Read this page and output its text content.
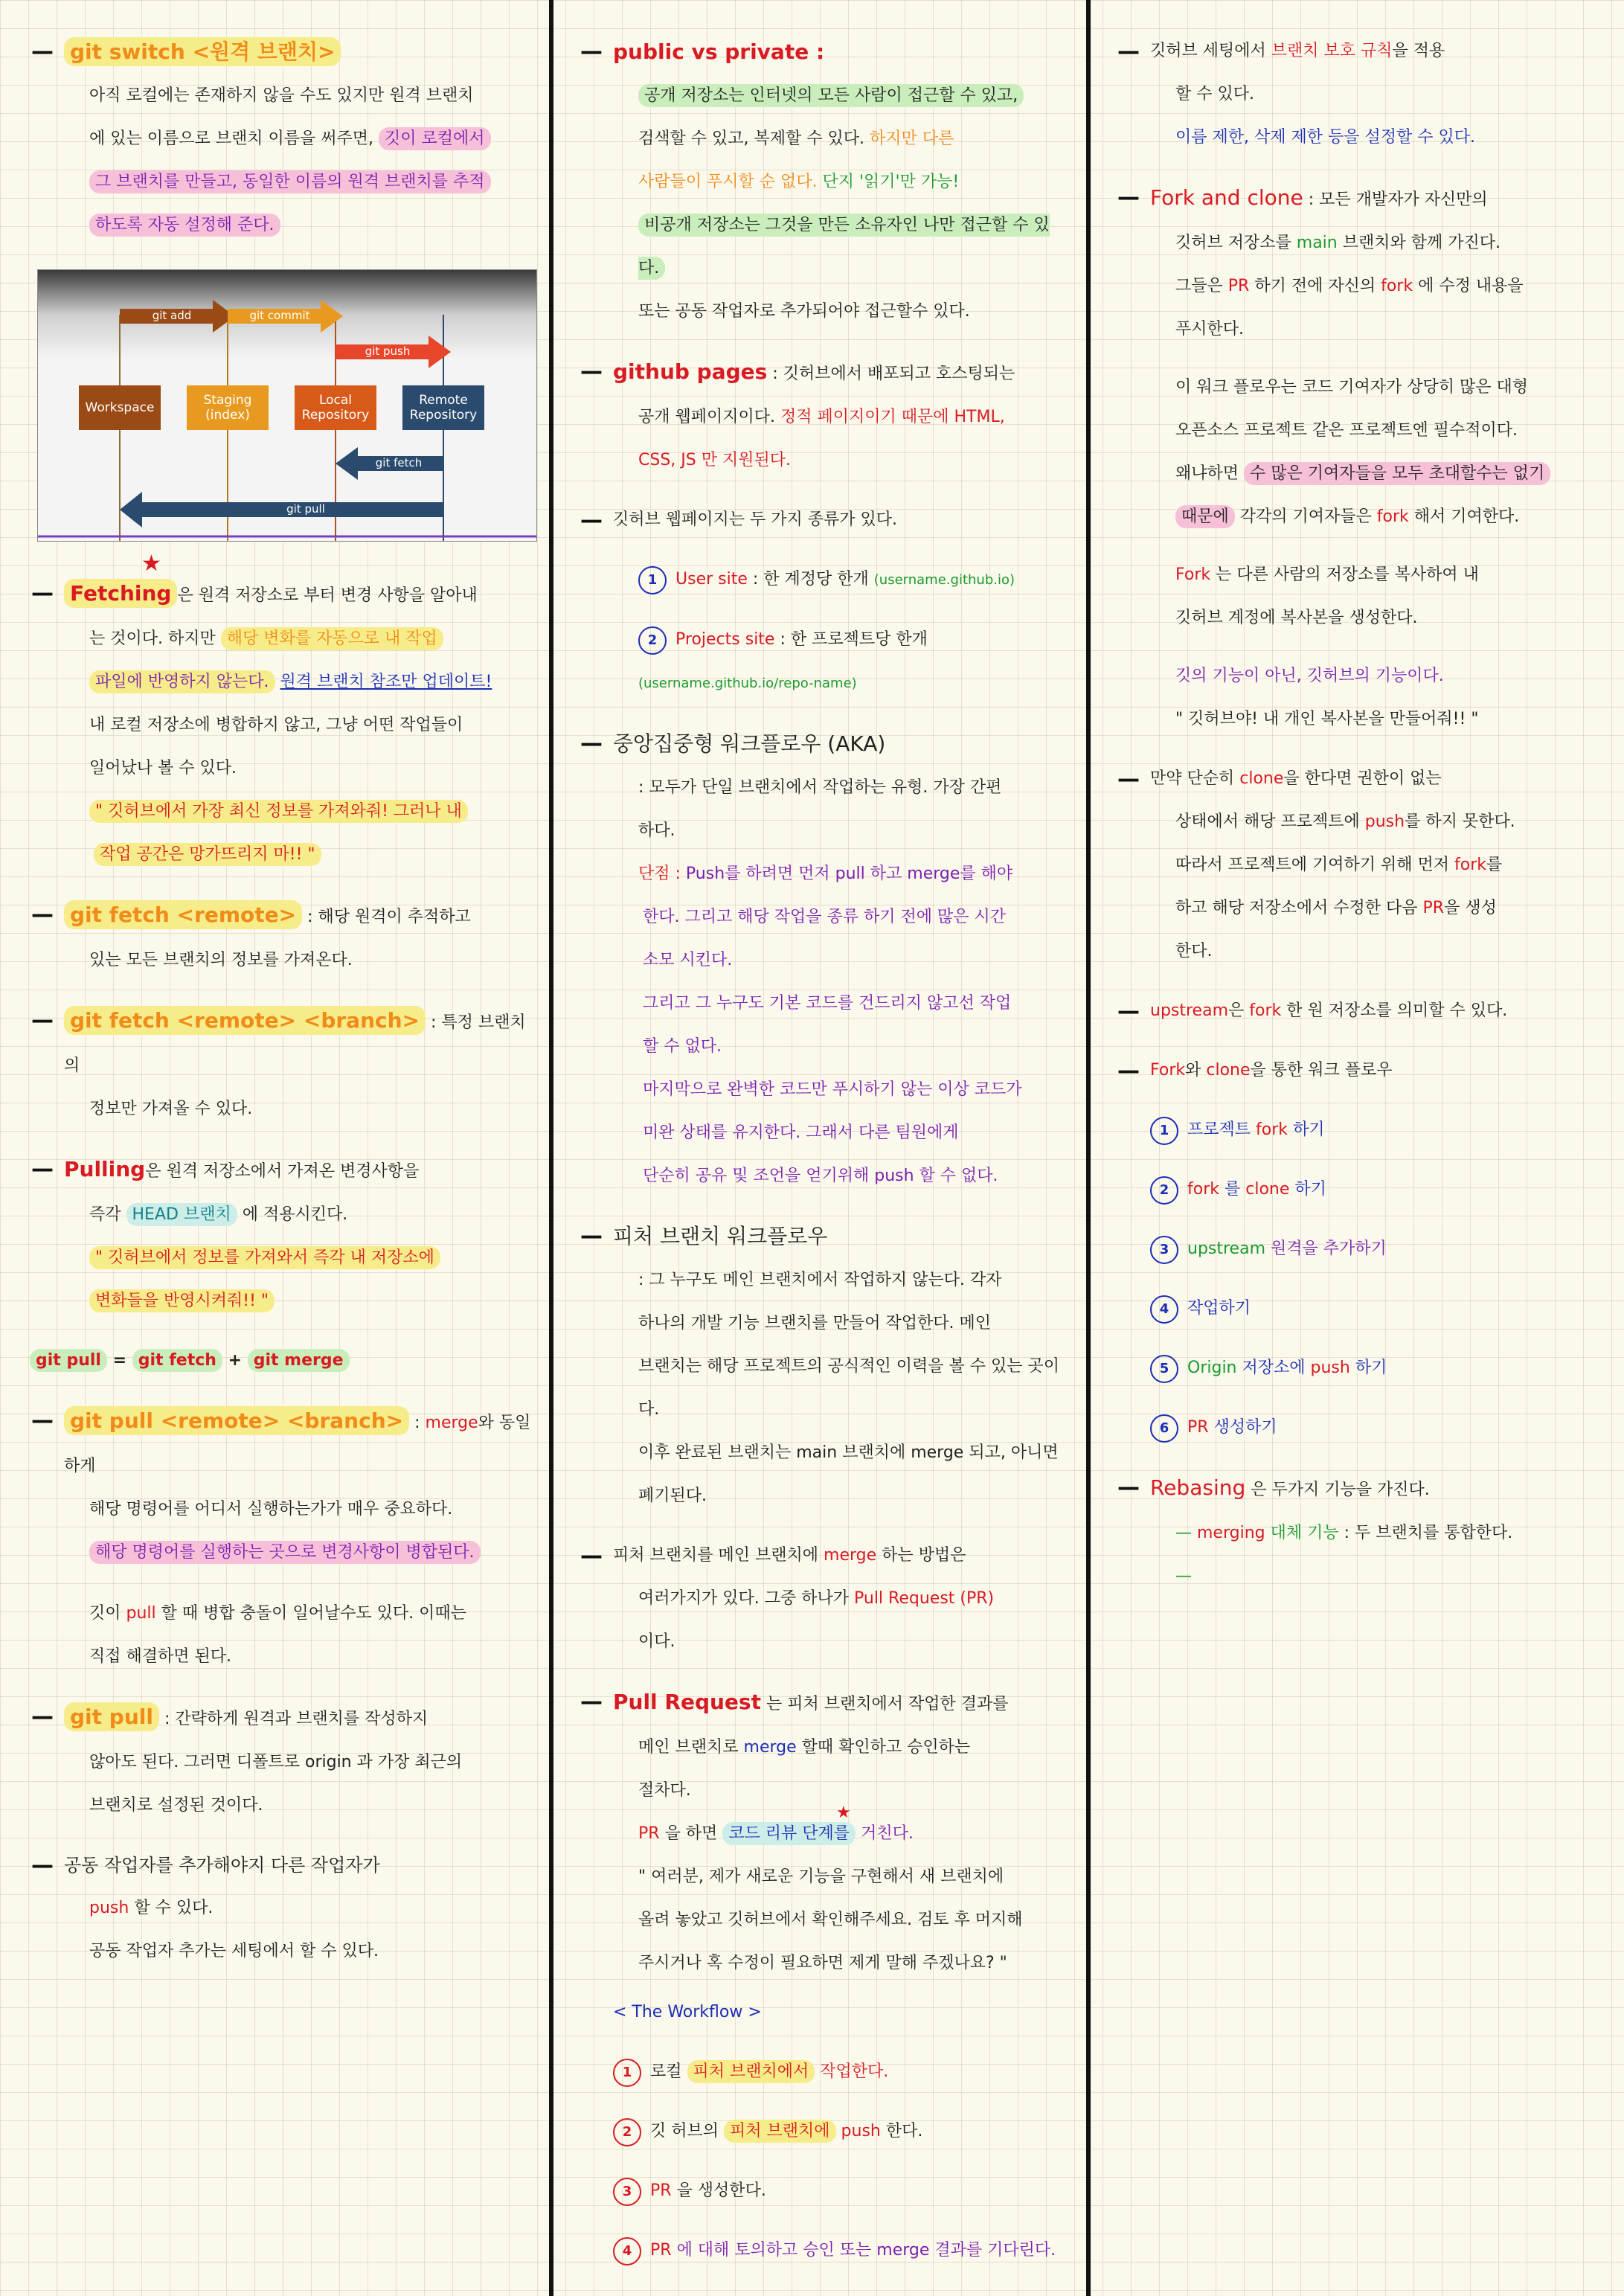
— git switch <원격 브랜치>

아직 로컬에는 존재하지 않을 수도 있지만 원격 브랜치

에 있는 이름으로 브랜치 이름을 써주면, 깃이 로컬에서

그 브랜치를 만들고, 동일한 이름의 원격 브랜치를 추적

하도록 자동 설정해 준다.

Workspace	Staging (index)
Local Repository
Remote Repository
git add	git commit
git push
git fetch
git pull
—
★

Fetching 은 원격 저장소로 부터 변경 사항을 알아내

는 것이다. 하지만 해당 변화를 자동으로 내 작업

파일에 반영하지 않는다. 원격 브랜치 참조만 업데이트!

내 로컬 저장소에 병합하지 않고, 그냥 어떤 작업들이

일어났나 볼 수 있다.

" 깃허브에서 가장 최신 정보를 가져와줘! 그러나 내

작업 공간은 망가뜨리지 마!! "

— git fetch <remote> : 해당 원격이 추적하고

있는 모든 브랜치의 정보를 가져온다.

— git fetch <remote> <branch> : 특정 브랜치의

정보만 가져올 수 있다.

— Pulling은 원격 저장소에서 가져온 변경사항을

즉각 HEAD 브랜치 에 적용시킨다.

" 깃허브에서 정보를 가져와서 즉각 내 저장소에

변화들을 반영시켜줘!! "

git pull = git fetch + git merge

— git pull <remote> <branch> : merge와 동일하게

해당 명령어를 어디서 실행하는가가 매우 중요하다.

해당 명령어를 실행하는 곳으로 변경사항이 병합된다.

깃이 pull 할 때 병합 충돌이 일어날수도 있다. 이때는

직접 해결하면 된다.

— git pull : 간략하게 원격과 브랜치를 작성하지

않아도 된다. 그러면 디폴트로 origin 과 가장 최근의

브랜치로 설정된 것이다.

— 공동 작업자를 추가해야지 다른 작업자가

push 할 수 있다.

공동 작업자 추가는 세팅에서 할 수 있다.

— public vs private :

공개 저장소는 인터넷의 모든 사람이 접근할 수 있고,

검색할 수 있고, 복제할 수 있다. 하지만 다른

사람들이 푸시할 순 없다. 단지 '읽기'만 가능!

비공개 저장소는 그것을 만든 소유자인 나만 접근할 수 있다.

또는 공동 작업자로 추가되어야 접근할수 있다.

— github pages : 깃허브에서 배포되고 호스팅되는

공개 웹페이지이다. 정적 페이지이기 때문에 HTML,

CSS, JS 만 지원된다.

— 깃허브 웹페이지는 두 가지 종류가 있다.

1 User site : 한 계정당 한개 (username.github.io)

2 Projects site : 한 프로젝트당 한개 (username.github.io/repo-name)

— 중앙집중형 워크플로우 (AKA)

: 모두가 단일 브랜치에서 작업하는 유형. 가장 간편

하다.

단점 : Push를 하려면 먼저 pull 하고 merge를 해야

한다. 그리고 해당 작업을 종류 하기 전에 많은 시간

소모 시킨다.

그리고 그 누구도 기본 코드를 건드리지 않고선 작업

할 수 없다.

마지막으로 완벽한 코드만 푸시하기 않는 이상 코드가

미완 상태를 유지한다. 그래서 다른 팀원에게

단순히 공유 및 조언을 얻기위해 push 할 수 없다.

— 피처 브랜치 워크플로우

: 그 누구도 메인 브랜치에서 작업하지 않는다. 각자

하나의 개발 기능 브랜치를 만들어 작업한다. 메인

브랜치는 해당 프로젝트의 공식적인 이력을 볼 수 있는 곳이다.

이후 완료된 브랜치는 main 브랜치에 merge 되고, 아니면

폐기된다.

— 피처 브랜치를 메인 브랜치에 merge 하는 방법은

여러가지가 있다. 그중 하나가 Pull Request (PR)

이다.

— Pull Request 는 피처 브랜치에서 작업한 결과를

메인 브랜치로 merge 할때 확인하고 승인하는

절차다.

★
PR 을 하면 코드 리뷰 단계를 거친다.

" 여러분, 제가 새로운 기능을 구현해서 새 브랜치에

올려 놓았고 깃허브에서 확인해주세요. 검토 후 머지해

주시거나 혹 수정이 필요하면 제게 말해 주겠나요? "

< The Workflow >

1 로컬 피처 브랜치에서 작업한다.

2 깃 허브의 피처 브랜치에 push 한다.

3 PR 을 생성한다.

4 PR 에 대해 토의하고 승인 또는 merge 결과를 기다린다.

— 깃허브 세팅에서 브랜치 보호 규칙을 적용

할 수 있다.

이름 제한, 삭제 제한 등을 설정할 수 있다.

— Fork and clone : 모든 개발자가 자신만의

깃허브 저장소를 main 브랜치와 함께 가진다.

그들은 PR 하기 전에 자신의 fork 에 수정 내용을

푸시한다.

이 워크 플로우는 코드 기여자가 상당히 많은 대형

오픈소스 프로젝트 같은 프로젝트엔 필수적이다.

왜냐하면 수 많은 기여자들을 모두 초대할수는 없기

때문에 각각의 기여자들은 fork 해서 기여한다.

Fork 는 다른 사람의 저장소를 복사하여 내

깃허브 계정에 복사본을 생성한다.

깃의 기능이 아닌, 깃허브의 기능이다.

" 깃허브야! 내 개인 복사본을 만들어줘!! "

— 만약 단순히 clone을 한다면 권한이 없는

상태에서 해당 프로젝트에 push를 하지 못한다.

따라서 프로젝트에 기여하기 위해 먼저 fork를

하고 해당 저장소에서 수정한 다음 PR을 생성

한다.

— upstream은 fork 한 원 저장소를 의미할 수 있다.

— Fork와 clone을 통한 워크 플로우

1 프로젝트 fork 하기

2 fork 를 clone 하기

3 upstream 원격을 추가하기

4 작업하기

5 Origin 저장소에 push 하기

6 PR 생성하기

— Rebasing 은 두가지 기능을 가진다.

— merging 대체 기능 : 두 브랜치를 통합한다.

—
